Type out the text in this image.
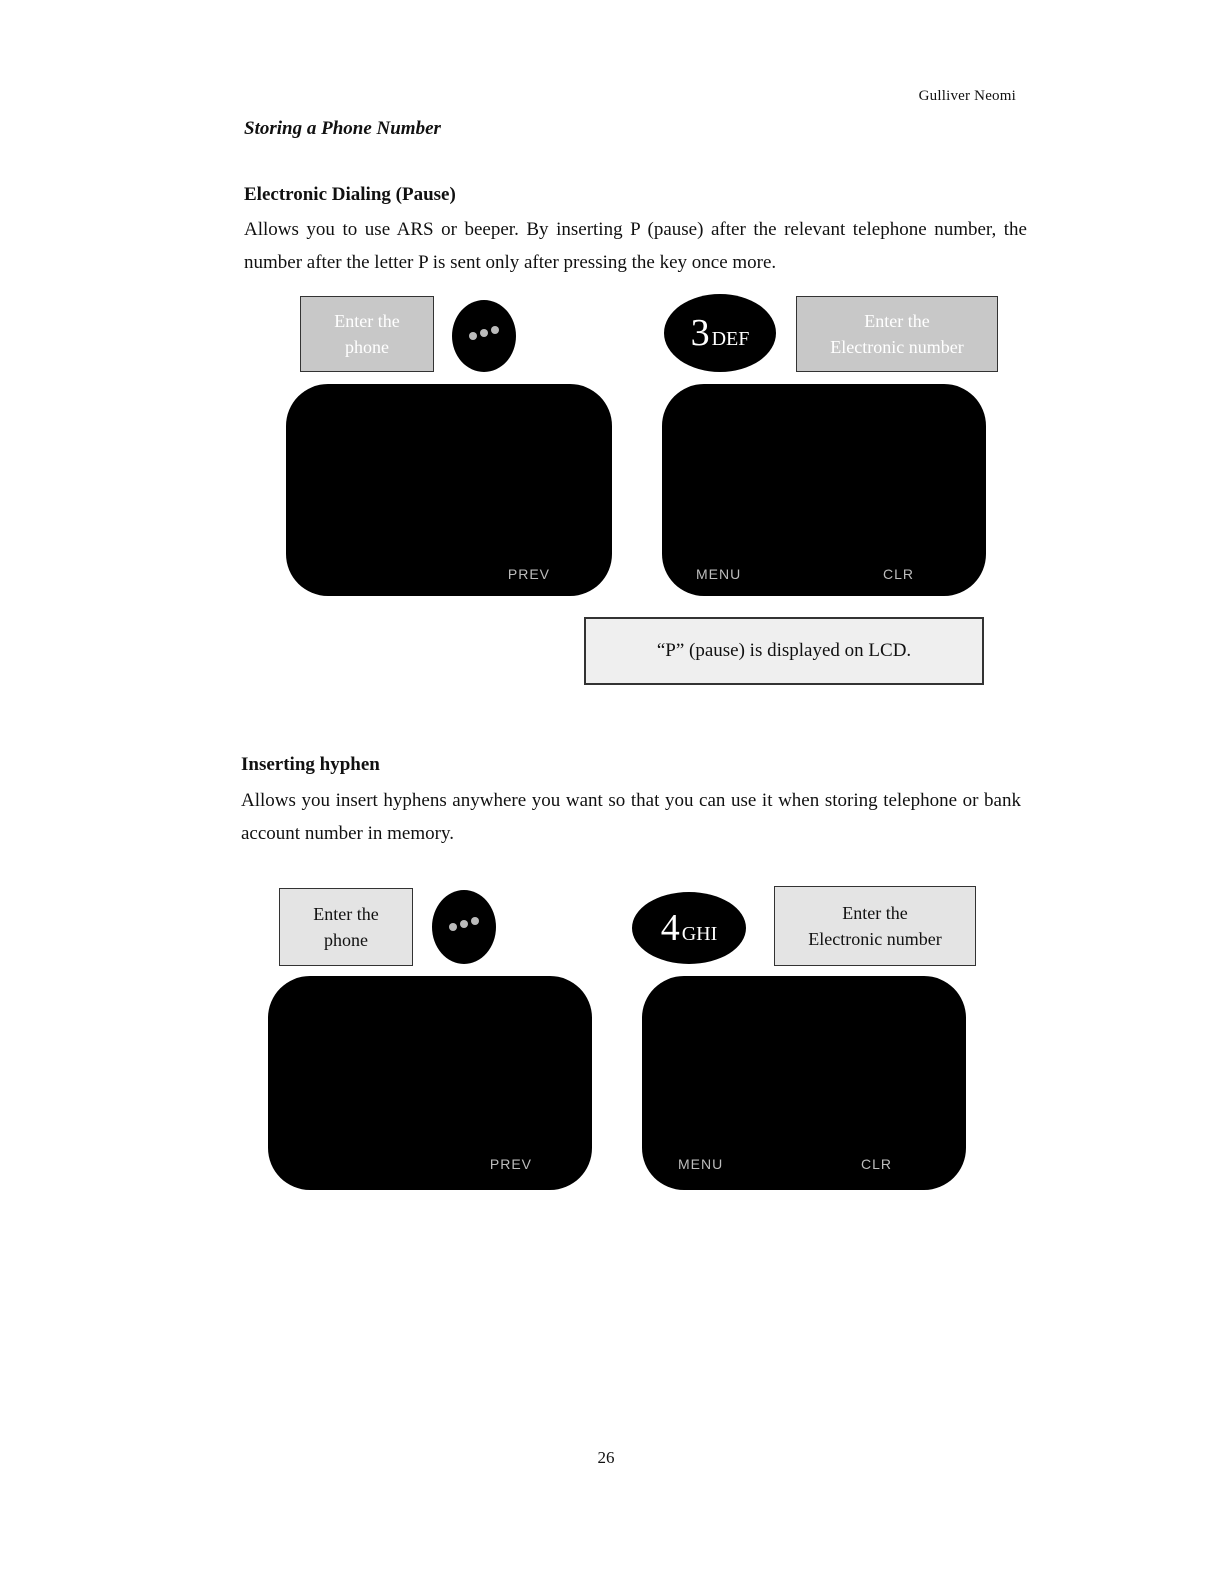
Gulliver Neomi
Storing a Phone Number
Electronic Dialing (Pause)
Allows you to use ARS or beeper. By inserting P (pause) after the relevant telephone number, the number after the letter P is sent only after pressing the key once more.
Enter the
phone	3 DEF
Enter the
Electronic number
PREV	MENU	CLR
“P” (pause) is displayed on LCD.
Inserting hyphen
Allows you insert hyphens anywhere you want so that you can use it when storing telephone or bank account number in memory.
Enter the
phone	4 GHI
Enter the
Electronic number
PREV	MENU	CLR
26
